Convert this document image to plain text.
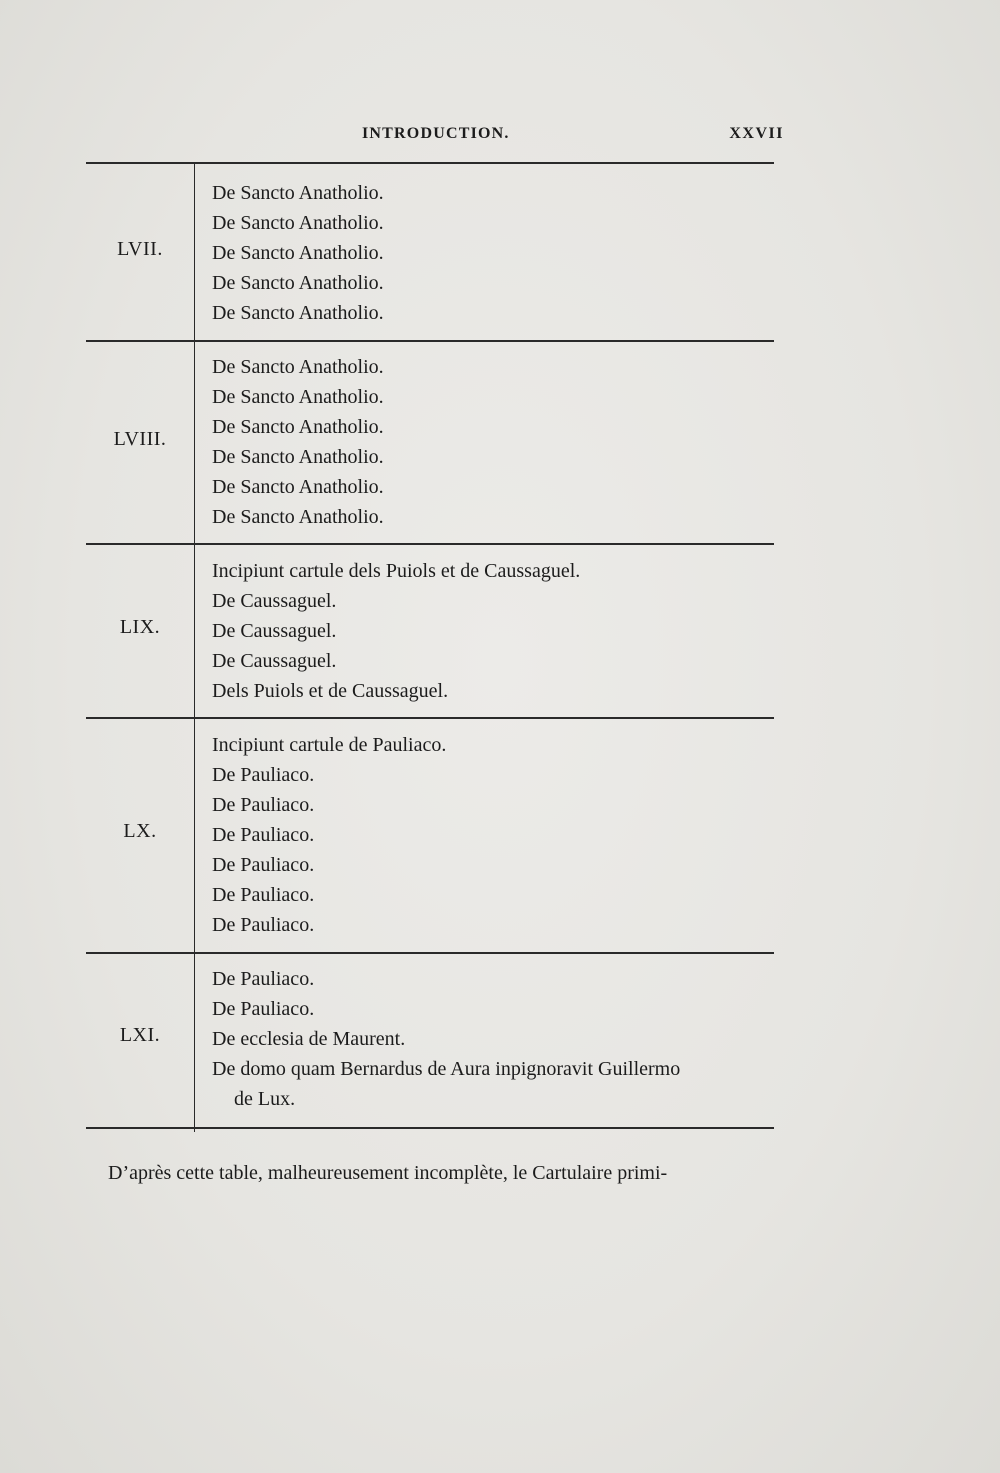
INTRODUCTION.	XXVII
LVII.
De Sancto Anatholio.
De Sancto Anatholio.
De Sancto Anatholio.
De Sancto Anatholio.
De Sancto Anatholio.
LVIII.
De Sancto Anatholio.
De Sancto Anatholio.
De Sancto Anatholio.
De Sancto Anatholio.
De Sancto Anatholio.
De Sancto Anatholio.
LIX.
Incipiunt cartule dels Puiols et de Caussaguel.
De Caussaguel.
De Caussaguel.
De Caussaguel.
Dels Puiols et de Caussaguel.
LX.
Incipiunt cartule de Pauliaco.
De Pauliaco.
De Pauliaco.
De Pauliaco.
De Pauliaco.
De Pauliaco.
De Pauliaco.
LXI.
De Pauliaco.
De Pauliaco.
De ecclesia de Maurent.
De domo quam Bernardus de Aura inpignoravit Guillermo
de Lux.
D’après cette table, malheureusement incomplète, le Cartulaire primi-
